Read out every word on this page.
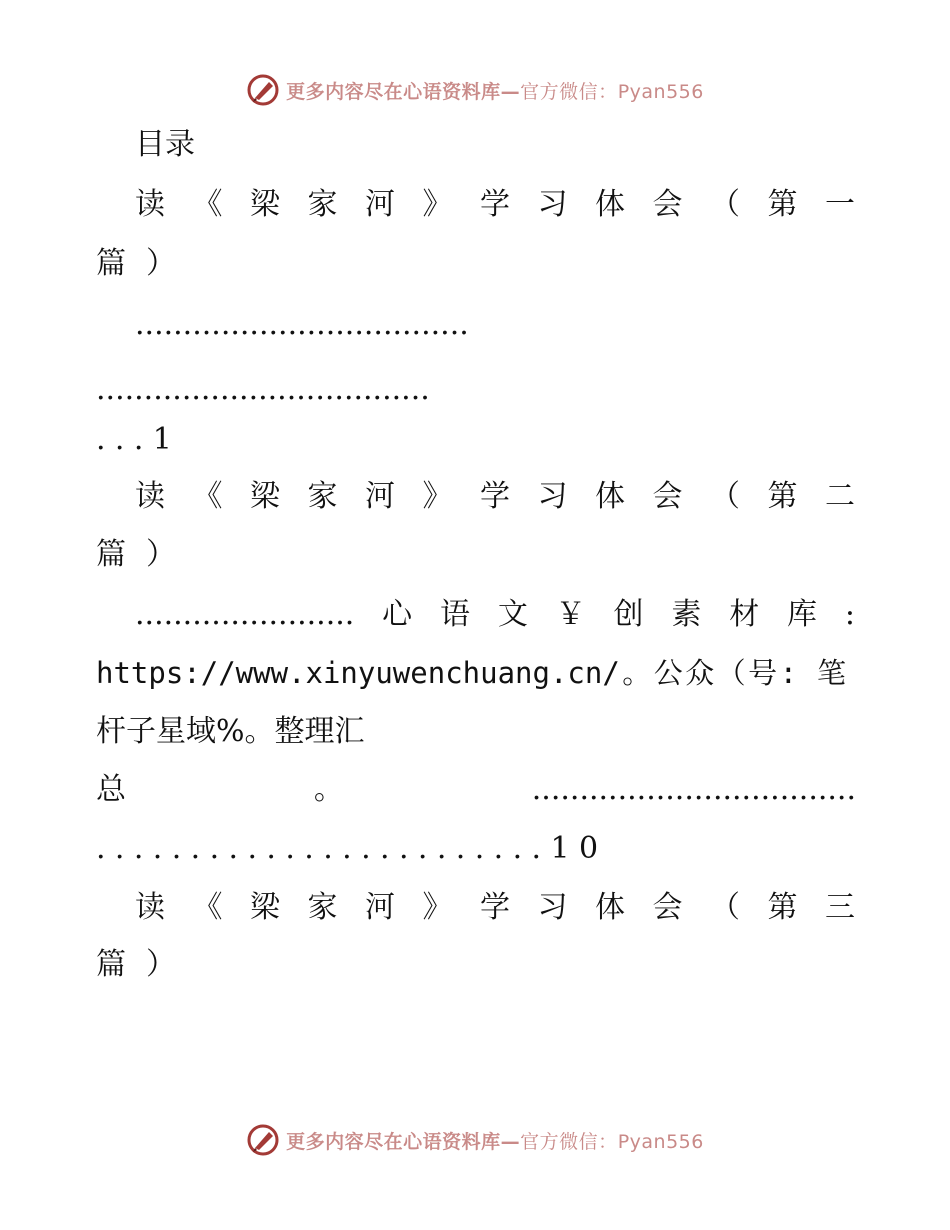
更多内容尽在心语资料库—官方微信：Pyan556
目录
读《梁家河》学习体会（第一
篇）
...................................
...................................
...1
读《梁家河》学习体会（第二
篇）
.......................心语文￥创素材库:
https://www.xinyuwenchuang.cn/。公众（号: 笔
杆子星域%。整理汇
总。..................................
........................10
读《梁家河》学习体会（第三
篇）
更多内容尽在心语资料库—官方微信：Pyan556
